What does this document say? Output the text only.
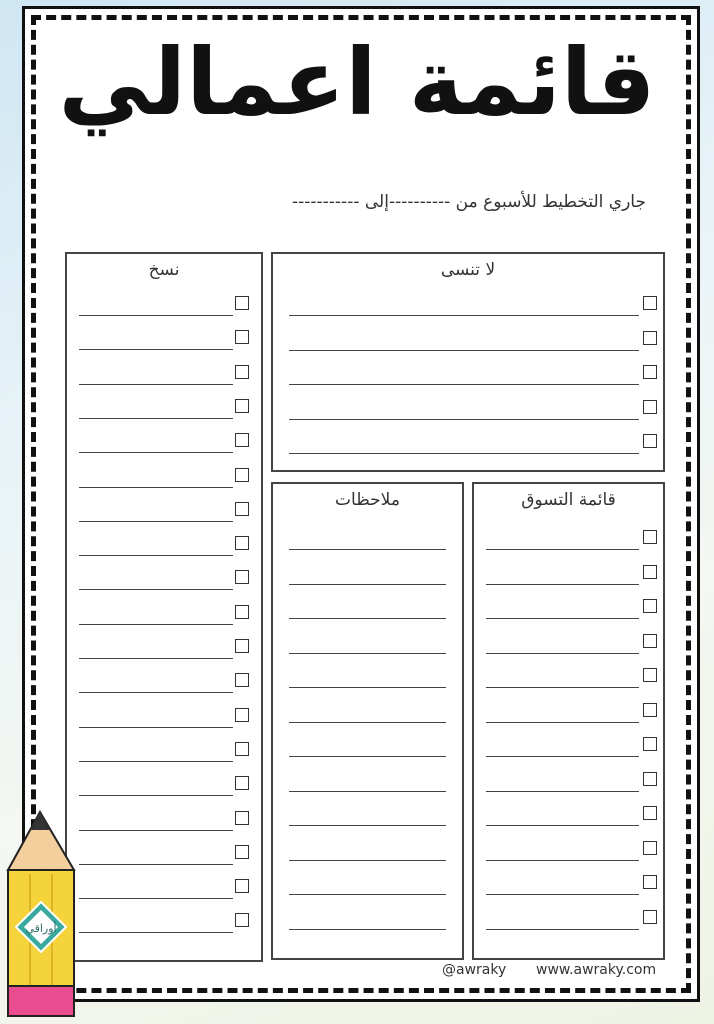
قائمة اعمالي
جاري التخطيط للأسبوع من ----------إلى -----------
نسخ	لا تنسى
ملاحظات	قائمة التسوق
@awraky www.awraky.com
أوراقي
